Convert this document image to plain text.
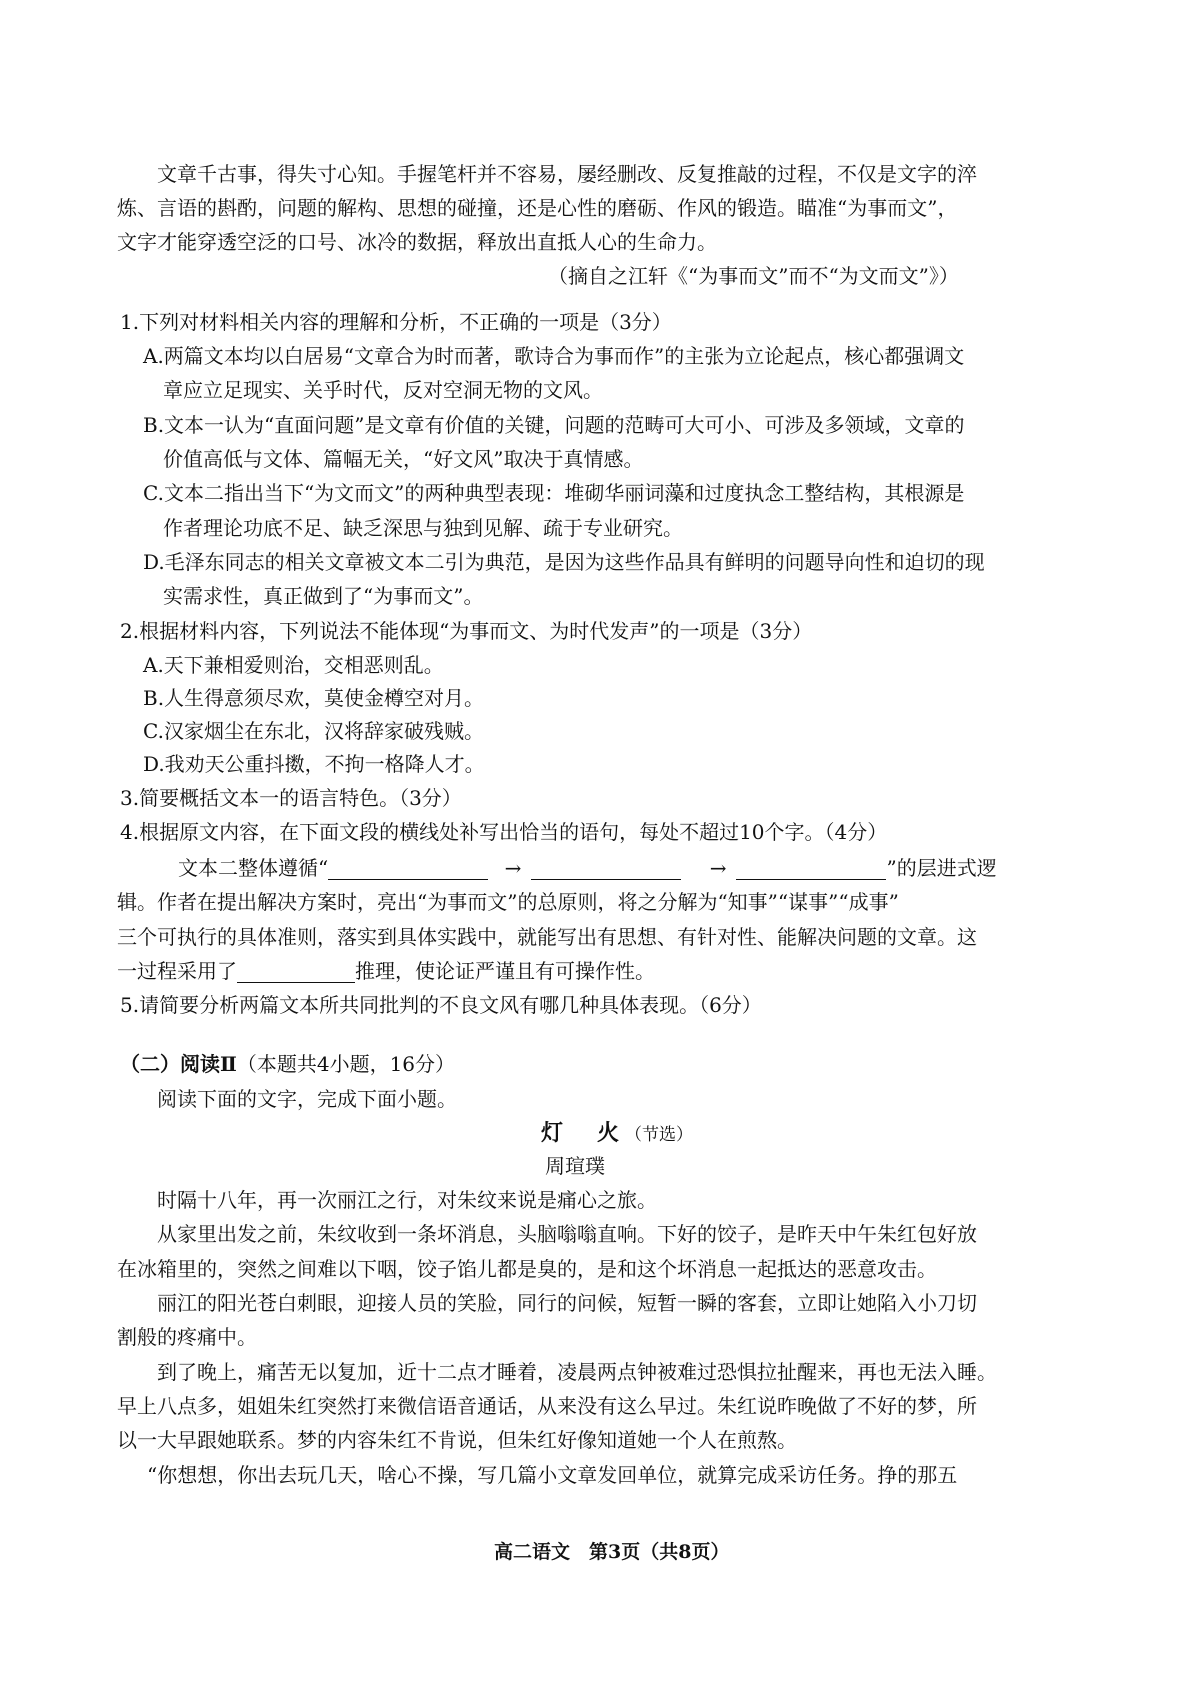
文章千古事，得失寸心知。手握笔杆并不容易，屡经删改、反复推敲的过程，不仅是文字的淬
炼、言语的斟酌，问题的解构、思想的碰撞，还是心性的磨砺、作风的锻造。瞄准“为事而文”，
文字才能穿透空泛的口号、冰冷的数据，释放出直抵人心的生命力。
（摘自之江轩《“为事而文”而不“为文而文”》）
1.下列对材料相关内容的理解和分析，不正确的一项是（3分）
A.两篇文本均以白居易“文章合为时而著，歌诗合为事而作”的主张为立论起点，核心都强调文
章应立足现实、关乎时代，反对空洞无物的文风。
B.文本一认为“直面问题”是文章有价值的关键，问题的范畴可大可小、可涉及多领域，文章的
价值高低与文体、篇幅无关，“好文风”取决于真情感。
C.文本二指出当下“为文而文”的两种典型表现：堆砌华丽词藻和过度执念工整结构，其根源是
作者理论功底不足、缺乏深思与独到见解、疏于专业研究。
D.毛泽东同志的相关文章被文本二引为典范，是因为这些作品具有鲜明的问题导向性和迫切的现
实需求性，真正做到了“为事而文”。
2.根据材料内容，下列说法不能体现“为事而文、为时代发声”的一项是（3分）
A.天下兼相爱则治，交相恶则乱。
B.人生得意须尽欢，莫使金樽空对月。
C.汉家烟尘在东北，汉将辞家破残贼。
D.我劝天公重抖擞，不拘一格降人才。
3.简要概括文本一的语言特色。（3分）
4.根据原文内容，在下面文段的横线处补写出恰当的语句，每处不超过10个字。（4分）
文本二整体遵循“	→	→	”的层进式逻
辑。作者在提出解决方案时，亮出“为事而文”的总原则，将之分解为“知事”“谋事”“成事”
三个可执行的具体准则，落实到具体实践中，就能写出有思想、有针对性、能解决问题的文章。这
一过程采用了	推理，使论证严谨且有可操作性。
5.请简要分析两篇文本所共同批判的不良文风有哪几种具体表现。（6分）
（二）阅读Ⅱ（本题共4小题，16分）
阅读下面的文字，完成下面小题。
灯　火（节选）
周瑄璞
时隔十八年，再一次丽江之行，对朱纹来说是痛心之旅。
从家里出发之前，朱纹收到一条坏消息，头脑嗡嗡直响。下好的饺子，是昨天中午朱红包好放
在冰箱里的，突然之间难以下咽，饺子馅儿都是臭的，是和这个坏消息一起抵达的恶意攻击。
丽江的阳光苍白刺眼，迎接人员的笑脸，同行的问候，短暂一瞬的客套，立即让她陷入小刀切
割般的疼痛中。
到了晚上，痛苦无以复加，近十二点才睡着，凌晨两点钟被难过恐惧拉扯醒来，再也无法入睡。
早上八点多，姐姐朱红突然打来微信语音通话，从来没有这么早过。朱红说昨晚做了不好的梦，所
以一大早跟她联系。梦的内容朱红不肯说，但朱红好像知道她一个人在煎熬。
“你想想，你出去玩几天，啥心不操，写几篇小文章发回单位，就算完成采访任务。挣的那五
高二语文　第3页（共8页）
